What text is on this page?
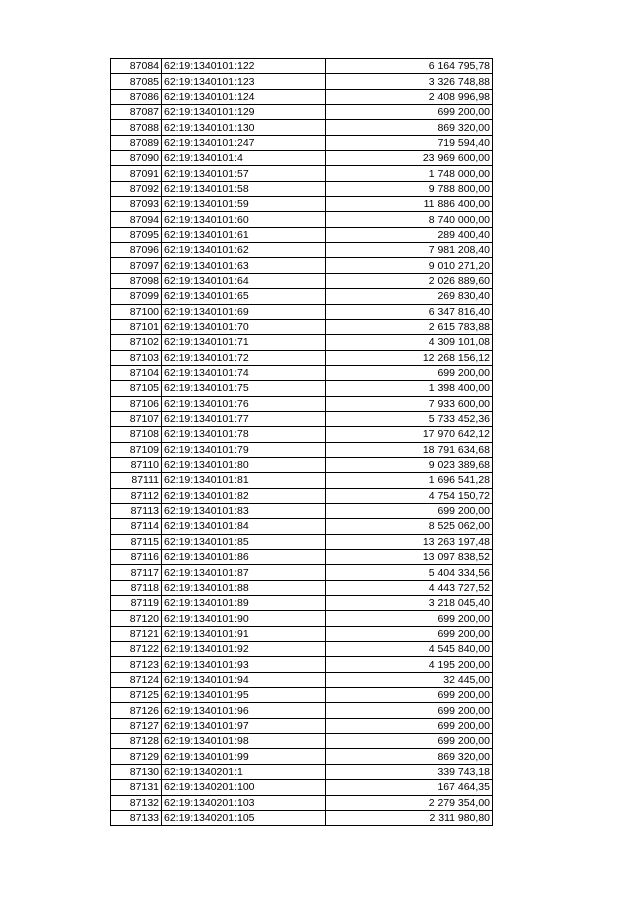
87084	62:19:1340101:122	6 164 795,78
87085	62:19:1340101:123	3 326 748,88
87086	62:19:1340101:124	2 408 996,98
87087	62:19:1340101:129	699 200,00
87088	62:19:1340101:130	869 320,00
87089	62:19:1340101:247	719 594,40
87090	62:19:1340101:4	23 969 600,00
87091	62:19:1340101:57	1 748 000,00
87092	62:19:1340101:58	9 788 800,00
87093	62:19:1340101:59	11 886 400,00
87094	62:19:1340101:60	8 740 000,00
87095	62:19:1340101:61	289 400,40
87096	62:19:1340101:62	7 981 208,40
87097	62:19:1340101:63	9 010 271,20
87098	62:19:1340101:64	2 026 889,60
87099	62:19:1340101:65	269 830,40
87100	62:19:1340101:69	6 347 816,40
87101	62:19:1340101:70	2 615 783,88
87102	62:19:1340101:71	4 309 101,08
87103	62:19:1340101:72	12 268 156,12
87104	62:19:1340101:74	699 200,00
87105	62:19:1340101:75	1 398 400,00
87106	62:19:1340101:76	7 933 600,00
87107	62:19:1340101:77	5 733 452,36
87108	62:19:1340101:78	17 970 642,12
87109	62:19:1340101:79	18 791 634,68
87110	62:19:1340101:80	9 023 389,68
87111	62:19:1340101:81	1 696 541,28
87112	62:19:1340101:82	4 754 150,72
87113	62:19:1340101:83	699 200,00
87114	62:19:1340101:84	8 525 062,00
87115	62:19:1340101:85	13 263 197,48
87116	62:19:1340101:86	13 097 838,52
87117	62:19:1340101:87	5 404 334,56
87118	62:19:1340101:88	4 443 727,52
87119	62:19:1340101:89	3 218 045,40
87120	62:19:1340101:90	699 200,00
87121	62:19:1340101:91	699 200,00
87122	62:19:1340101:92	4 545 840,00
87123	62:19:1340101:93	4 195 200,00
87124	62:19:1340101:94	32 445,00
87125	62:19:1340101:95	699 200,00
87126	62:19:1340101:96	699 200,00
87127	62:19:1340101:97	699 200,00
87128	62:19:1340101:98	699 200,00
87129	62:19:1340101:99	869 320,00
87130	62:19:1340201:1	339 743,18
87131	62:19:1340201:100	167 464,35
87132	62:19:1340201:103	2 279 354,00
87133	62:19:1340201:105	2 311 980,80
